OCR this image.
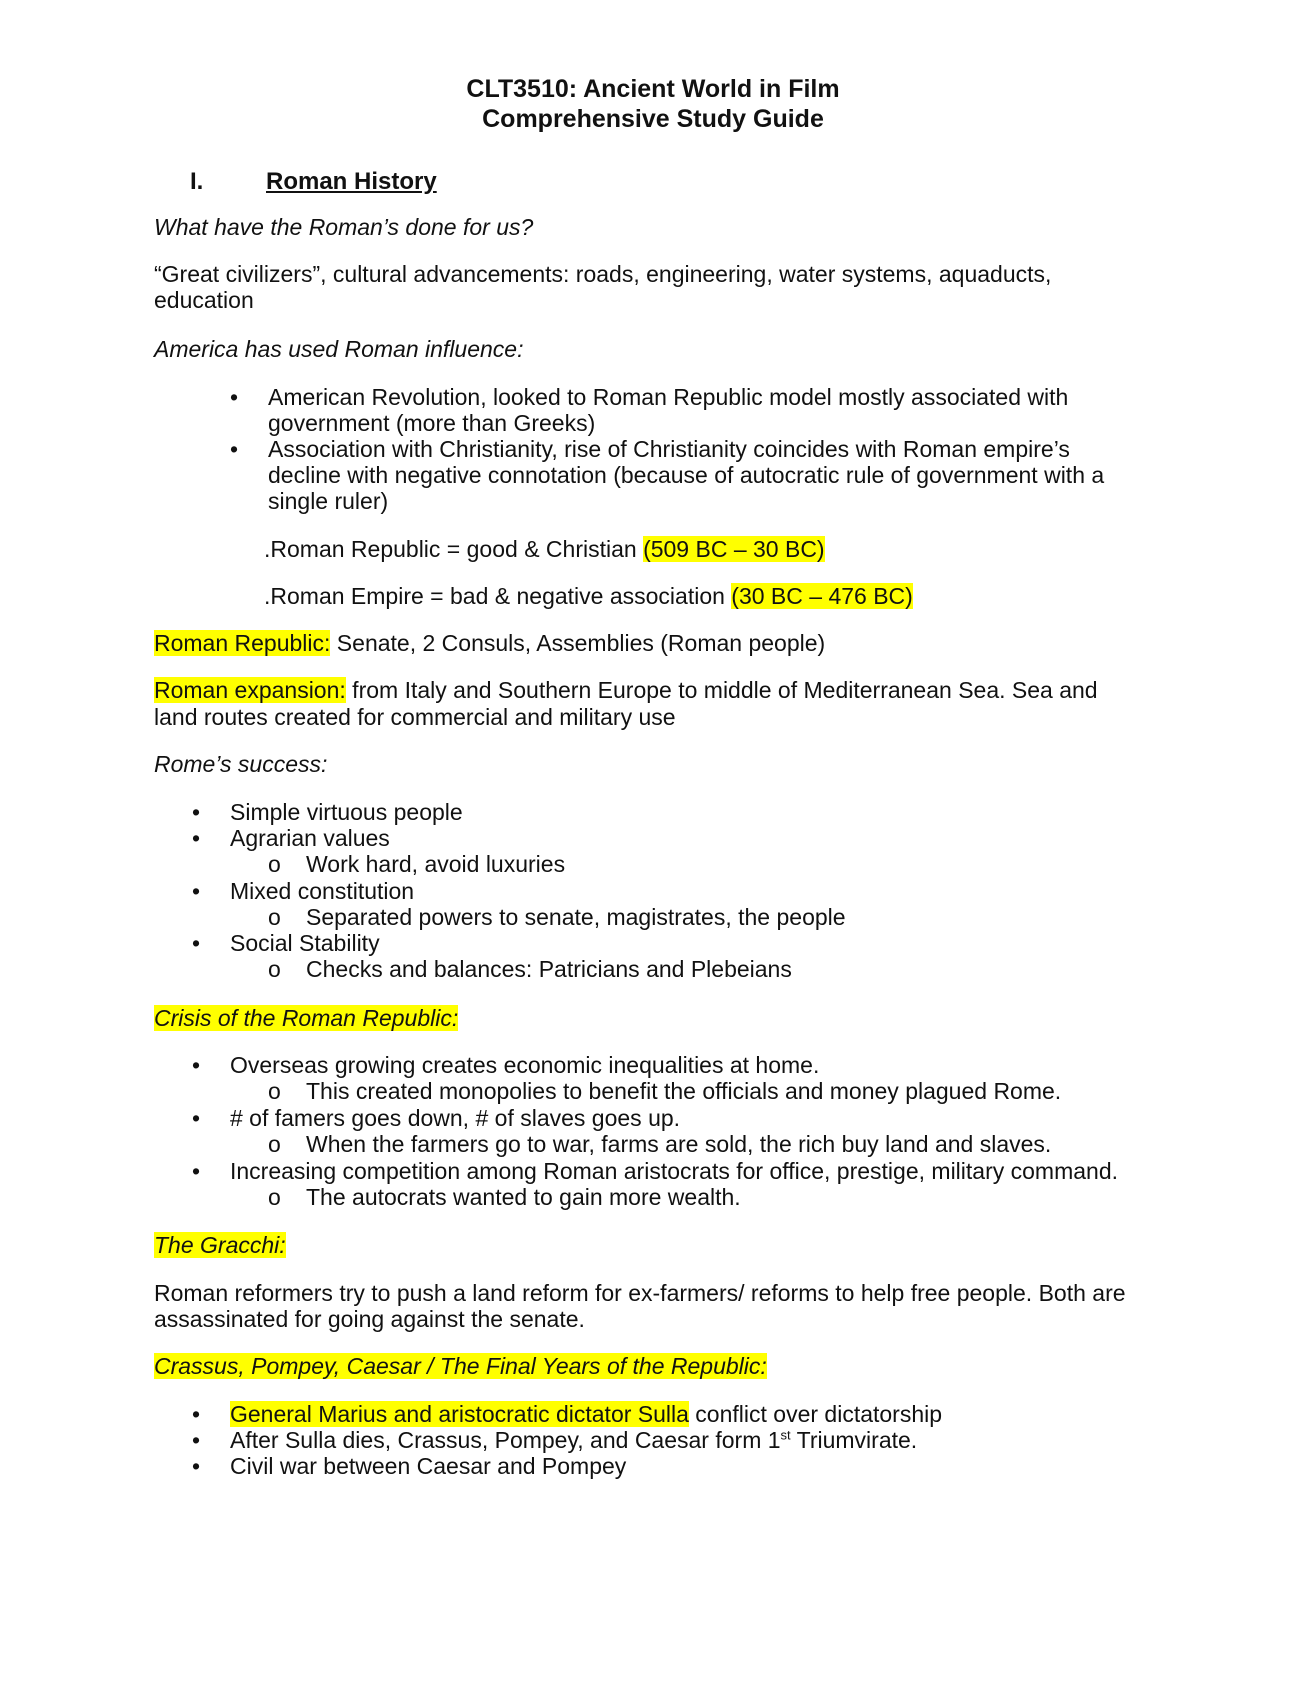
CLT3510: Ancient World in Film
Comprehensive Study Guide
I.	Roman History
What have the Roman’s done for us?
“Great civilizers”, cultural advancements: roads, engineering, water systems, aquaducts,
education
America has used Roman influence:
•	American Revolution, looked to Roman Republic model mostly associated with
government (more than Greeks)
•	Association with Christianity, rise of Christianity coincides with Roman empire’s
decline with negative connotation (because of autocratic rule of government with a
single ruler)
.Roman Republic = good & Christian (509 BC – 30 BC)
.Roman Empire = bad & negative association (30 BC – 476 BC)
Roman Republic: Senate, 2 Consuls, Assemblies (Roman people)
Roman expansion: from Italy and Southern Europe to middle of Mediterranean Sea. Sea and
land routes created for commercial and military use
Rome’s success:
• Simple virtuous people
• Agrarian values
o Work hard, avoid luxuries
• Mixed constitution
o Separated powers to senate, magistrates, the people
• Social Stability
o Checks and balances: Patricians and Plebeians
Crisis of the Roman Republic:
• Overseas growing creates economic inequalities at home.
o This created monopolies to benefit the officials and money plagued Rome.
• # of famers goes down, # of slaves goes up.
o When the farmers go to war, farms are sold, the rich buy land and slaves.
• Increasing competition among Roman aristocrats for office, prestige, military command.
o The autocrats wanted to gain more wealth.
The Gracchi:
Roman reformers try to push a land reform for ex-farmers/ reforms to help free people. Both are
assassinated for going against the senate.
Crassus, Pompey, Caesar / The Final Years of the Republic:
• General Marius and aristocratic dictator Sulla conflict over dictatorship
• After Sulla dies, Crassus, Pompey, and Caesar form 1st Triumvirate.
• Civil war between Caesar and Pompey
